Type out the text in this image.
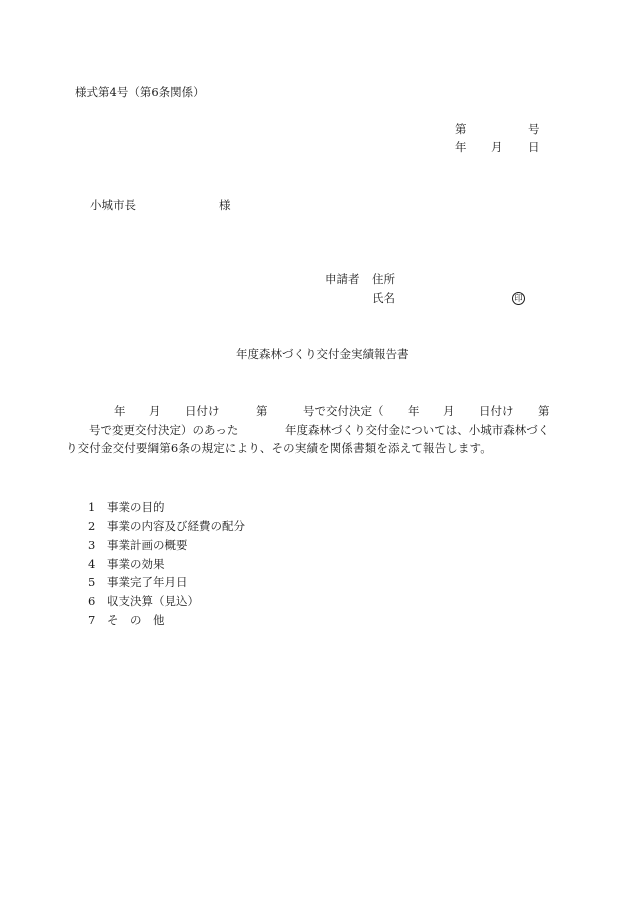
様式第4号（第6条関係）
第	号
年 月 日
小城市長	様
申請者 住所
氏名	印
年度森林づくり交付金実績報告書
年 月 日付け	第	号で交付決定（ 年 月 日付け 第
号で変更交付決定）のあった	年度森林づくり交付金については、小城市森林づく
り交付金交付要綱第6条の規定により、その実績を関係書類を添えて報告します。
1 事業の目的
2 事業の内容及び経費の配分
3 事業計画の概要
4 事業の効果
5 事業完了年月日
6 収支決算（見込）
7 そ　の　他
